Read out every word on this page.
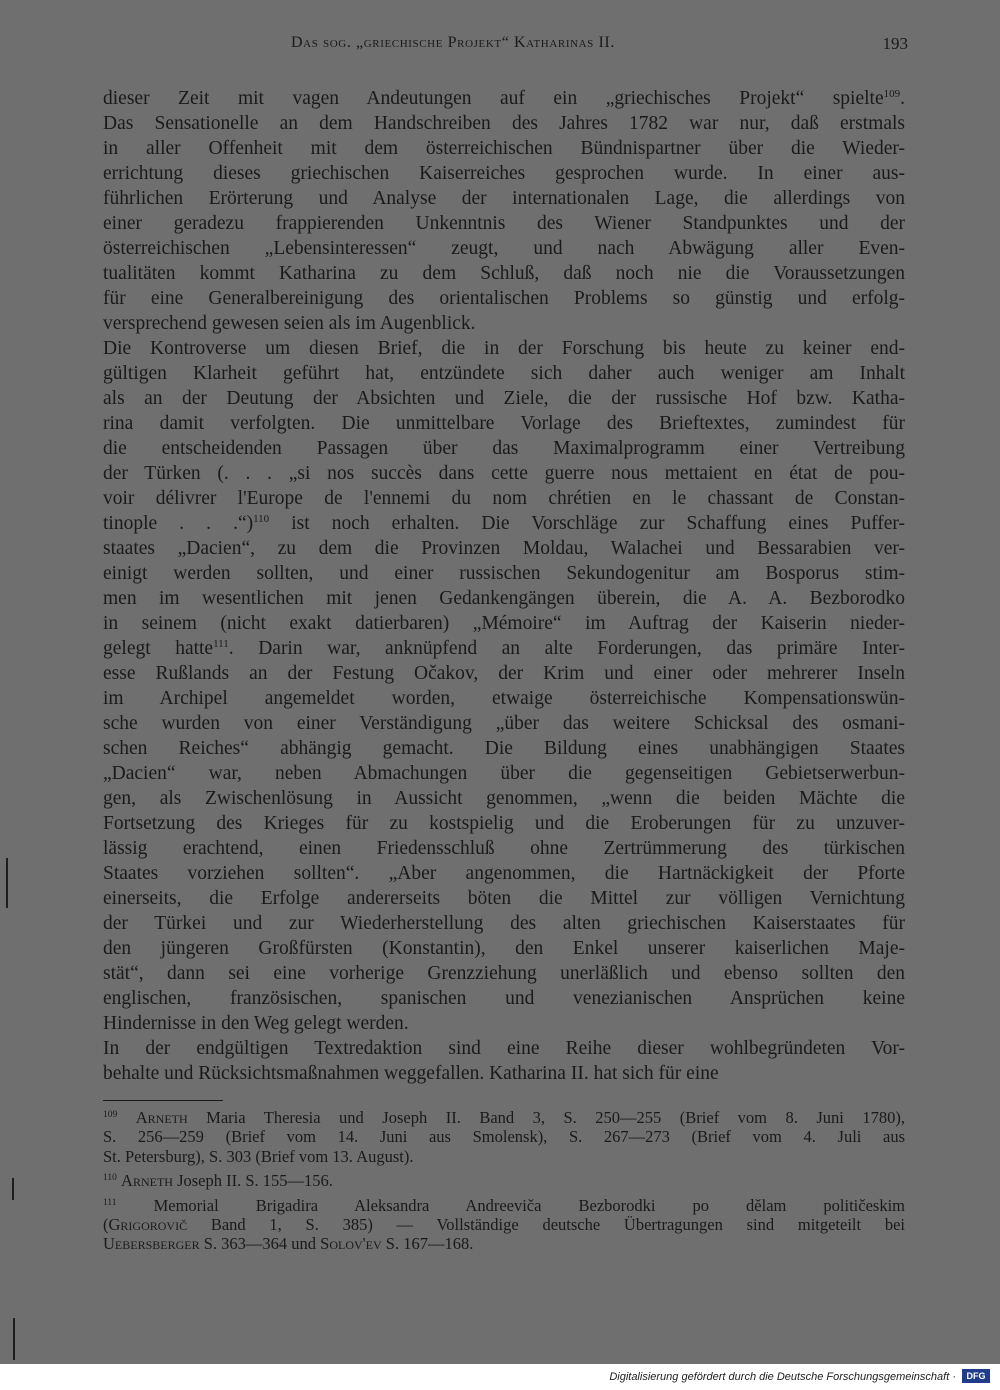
Das sog. „griechische Projekt“ Katharinas II.	193
dieser Zeit mit vagen Andeutungen auf ein „griechisches Projekt“ spielte$^{109}$.
Das Sensationelle an dem Handschreiben des Jahres 1782 war nur, daß erstmals
in aller Offenheit mit dem österreichischen Bündnispartner über die Wieder-
errichtung dieses griechischen Kaiserreiches gesprochen wurde. In einer aus-
führlichen Erörterung und Analyse der internationalen Lage, die allerdings von
einer geradezu frappierenden Unkenntnis des Wiener Standpunktes und der
österreichischen „Lebensinteressen“ zeugt, und nach Abwägung aller Even-
tualitäten kommt Katharina zu dem Schluß, daß noch nie die Voraussetzungen
für eine Generalbereinigung des orientalischen Problems so günstig und erfolg-
versprechend gewesen seien als im Augenblick.
Die Kontroverse um diesen Brief, die in der Forschung bis heute zu keiner end-
gültigen Klarheit geführt hat, entzündete sich daher auch weniger am Inhalt
als an der Deutung der Absichten und Ziele, die der russische Hof bzw. Katha-
rina damit verfolgten. Die unmittelbare Vorlage des Brieftextes, zumindest für
die entscheidenden Passagen über das Maximalprogramm einer Vertreibung
der Türken (. . . „si nos succès dans cette guerre nous mettaient en état de pou-
voir délivrer l'Europe de l'ennemi du nom chrétien en le chassant de Constan-
tinople . . .“)$^{110}$ ist noch erhalten. Die Vorschläge zur Schaffung eines Puffer-
staates „Dacien“, zu dem die Provinzen Moldau, Walachei und Bessarabien ver-
einigt werden sollten, und einer russischen Sekundogenitur am Bosporus stim-
men im wesentlichen mit jenen Gedankengängen überein, die A. A. Bezborodko
in seinem (nicht exakt datierbaren) „Mémoire“ im Auftrag der Kaiserin nieder-
gelegt hatte$^{111}$. Darin war, anknüpfend an alte Forderungen, das primäre Inter-
esse Rußlands an der Festung Očakov, der Krim und einer oder mehrerer Inseln
im Archipel angemeldet worden, etwaige österreichische Kompensationswün-
sche wurden von einer Verständigung „über das weitere Schicksal des osmani-
schen Reiches“ abhängig gemacht. Die Bildung eines unabhängigen Staates
„Dacien“ war, neben Abmachungen über die gegenseitigen Gebietserwerbun-
gen, als Zwischenlösung in Aussicht genommen, „wenn die beiden Mächte die
Fortsetzung des Krieges für zu kostspielig und die Eroberungen für zu unzuver-
lässig erachtend, einen Friedensschluß ohne Zertrümmerung des türkischen
Staates vorziehen sollten“. „Aber angenommen, die Hartnäckigkeit der Pforte
einerseits, die Erfolge andererseits böten die Mittel zur völligen Vernichtung
der Türkei und zur Wiederherstellung des alten griechischen Kaiserstaates für
den jüngeren Großfürsten (Konstantin), den Enkel unserer kaiserlichen Maje-
stät“, dann sei eine vorherige Grenzziehung unerläßlich und ebenso sollten den
englischen, französischen, spanischen und venezianischen Ansprüchen keine
Hindernisse in den Weg gelegt werden.
In der endgültigen Textredaktion sind eine Reihe dieser wohlbegründeten Vor-
behalte und Rücksichtsmaßnahmen weggefallen. Katharina II. hat sich für eine
$^{109}$ Arneth Maria Theresia und Joseph II. Band 3, S. 250—255 (Brief vom 8. Juni 1780),
S. 256—259 (Brief vom 14. Juni aus Smolensk), S. 267—273 (Brief vom 4. Juli aus
St. Petersburg), S. 303 (Brief vom 13. August).
$^{110}$ Arneth Joseph II. S. 155—156.
$^{111}$ Memorial Brigadira Aleksandra Andreeviča Bezborodki po dělam političeskim
(Grigorovič Band 1, S. 385) — Vollständige deutsche Übertragungen sind mitgeteilt bei
Uebersberger S. 363—364 und Solov'ev S. 167—168.
Digitalisierung gefördert durch die Deutsche Forschungsgemeinschaft ·	DFG
